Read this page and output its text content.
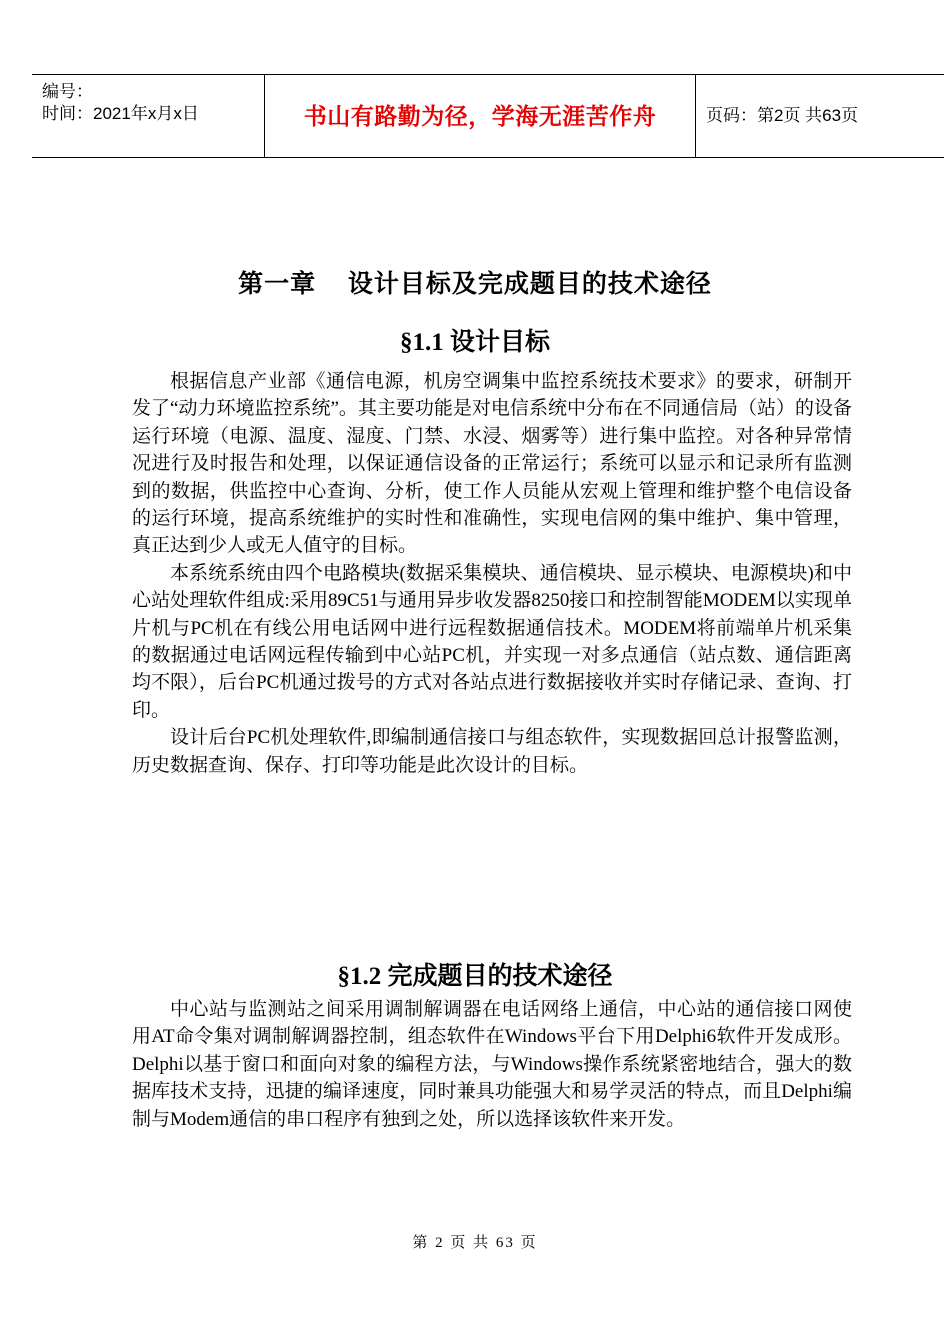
编号：
时间：2021年x月x日	书山有路勤为径，学海无涯苦作舟	页码：第2页 共63页
第一章    设计目标及完成题目的技术途径
§1.1 设计目标

根据信息产业部《通信电源，机房空调集中监控系统技术要求》的要求，研制开发了“动力环境监控系统”。其主要功能是对电信系统中分布在不同通信局（站）的设备运行环境（电源、温度、湿度、门禁、水浸、烟雾等）进行集中监控。对各种异常情况进行及时报告和处理，以保证通信设备的正常运行；系统可以显示和记录所有监测到的数据，供监控中心查询、分析，使工作人员能从宏观上管理和维护整个电信设备的运行环境，提高系统维护的实时性和准确性，实现电信网的集中维护、集中管理，真正达到少人或无人值守的目标。

本系统系统由四个电路模块(数据采集模块、通信模块、显示模块、电源模块)和中心站处理软件组成:采用89C51与通用异步收发器8250接口和控制智能MODEM以实现单片机与PC机在有线公用电话网中进行远程数据通信技术。MODEM将前端单片机采集的数据通过电话网远程传输到中心站PC机，并实现一对多点通信（站点数、通信距离均不限），后台PC机通过拨号的方式对各站点进行数据接收并实时存储记录、查询、打印。

设计后台PC机处理软件,即编制通信接口与组态软件，实现数据回总计报警监测，历史数据查询、保存、打印等功能是此次设计的目标。

§1.2 完成题目的技术途径

中心站与监测站之间采用调制解调器在电话网络上通信，中心站的通信接口网使用AT命令集对调制解调器控制，组态软件在Windows平台下用Delphi6软件开发成形。Delphi以基于窗口和面向对象的编程方法，与Windows操作系统紧密地结合，强大的数据库技术支持，迅捷的编译速度，同时兼具功能强大和易学灵活的特点，而且Delphi编制与Modem通信的串口程序有独到之处，所以选择该软件来开发。

第 2 页 共 63 页
